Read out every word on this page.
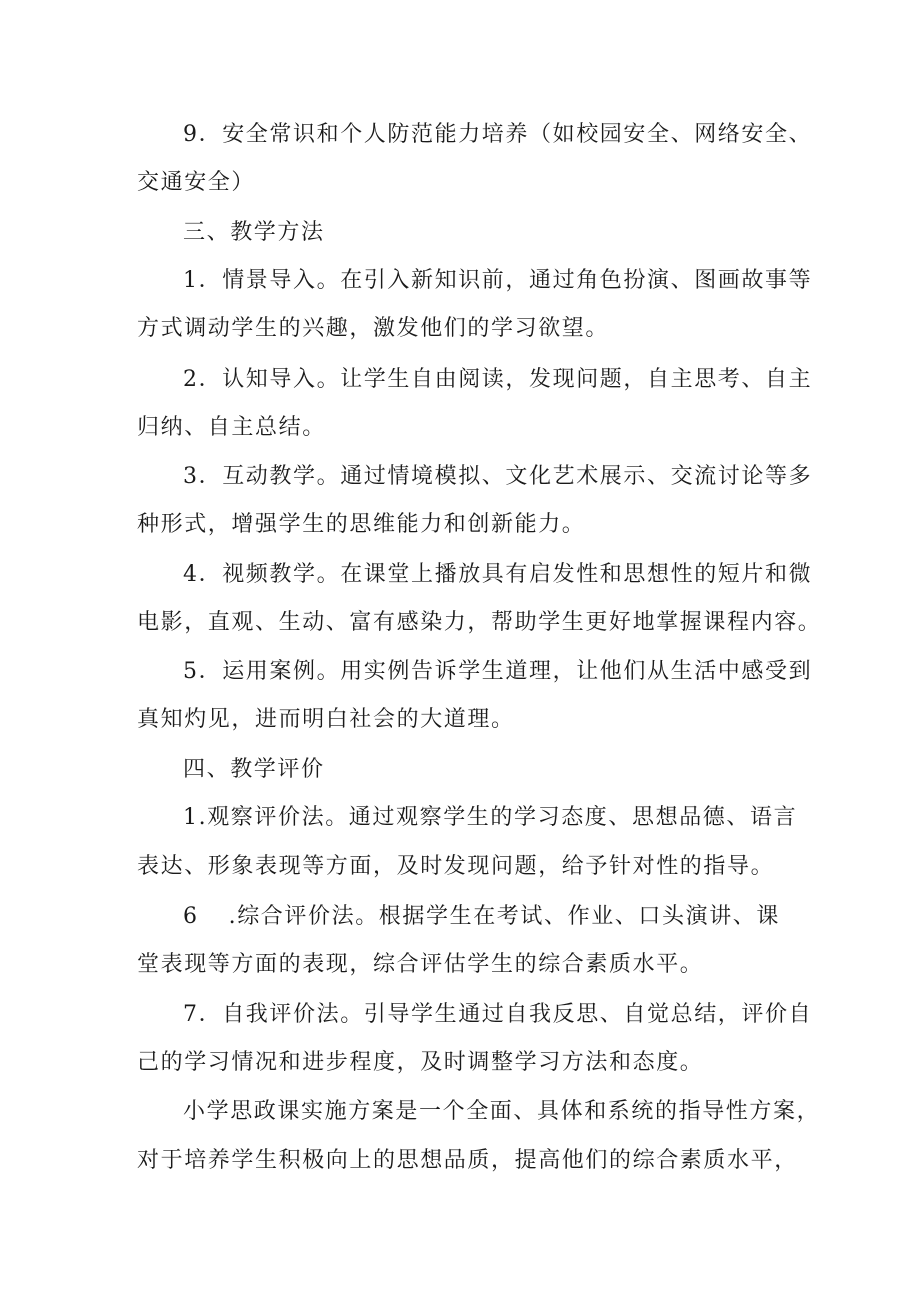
9．安全常识和个人防范能力培养（如校园安全、网络安全、
交通安全）
三、教学方法
1．情景导入。在引入新知识前，通过角色扮演、图画故事等
方式调动学生的兴趣，激发他们的学习欲望。
2．认知导入。让学生自由阅读，发现问题，自主思考、自主
归纳、自主总结。
3．互动教学。通过情境模拟、文化艺术展示、交流讨论等多
种形式，增强学生的思维能力和创新能力。
4．视频教学。在课堂上播放具有启发性和思想性的短片和微
电影，直观、生动、富有感染力，帮助学生更好地掌握课程内容。
5．运用案例。用实例告诉学生道理，让他们从生活中感受到
真知灼见，进而明白社会的大道理。
四、教学评价
1.观察评价法。通过观察学生的学习态度、思想品德、语言
表达、形象表现等方面，及时发现问题，给予针对性的指导。
6 .综合评价法。根据学生在考试、作业、口头演讲、课
堂表现等方面的表现，综合评估学生的综合素质水平。
7．自我评价法。引导学生通过自我反思、自觉总结，评价自
己的学习情况和进步程度，及时调整学习方法和态度。
小学思政课实施方案是一个全面、具体和系统的指导性方案，
对于培养学生积极向上的思想品质，提高他们的综合素质水平，
